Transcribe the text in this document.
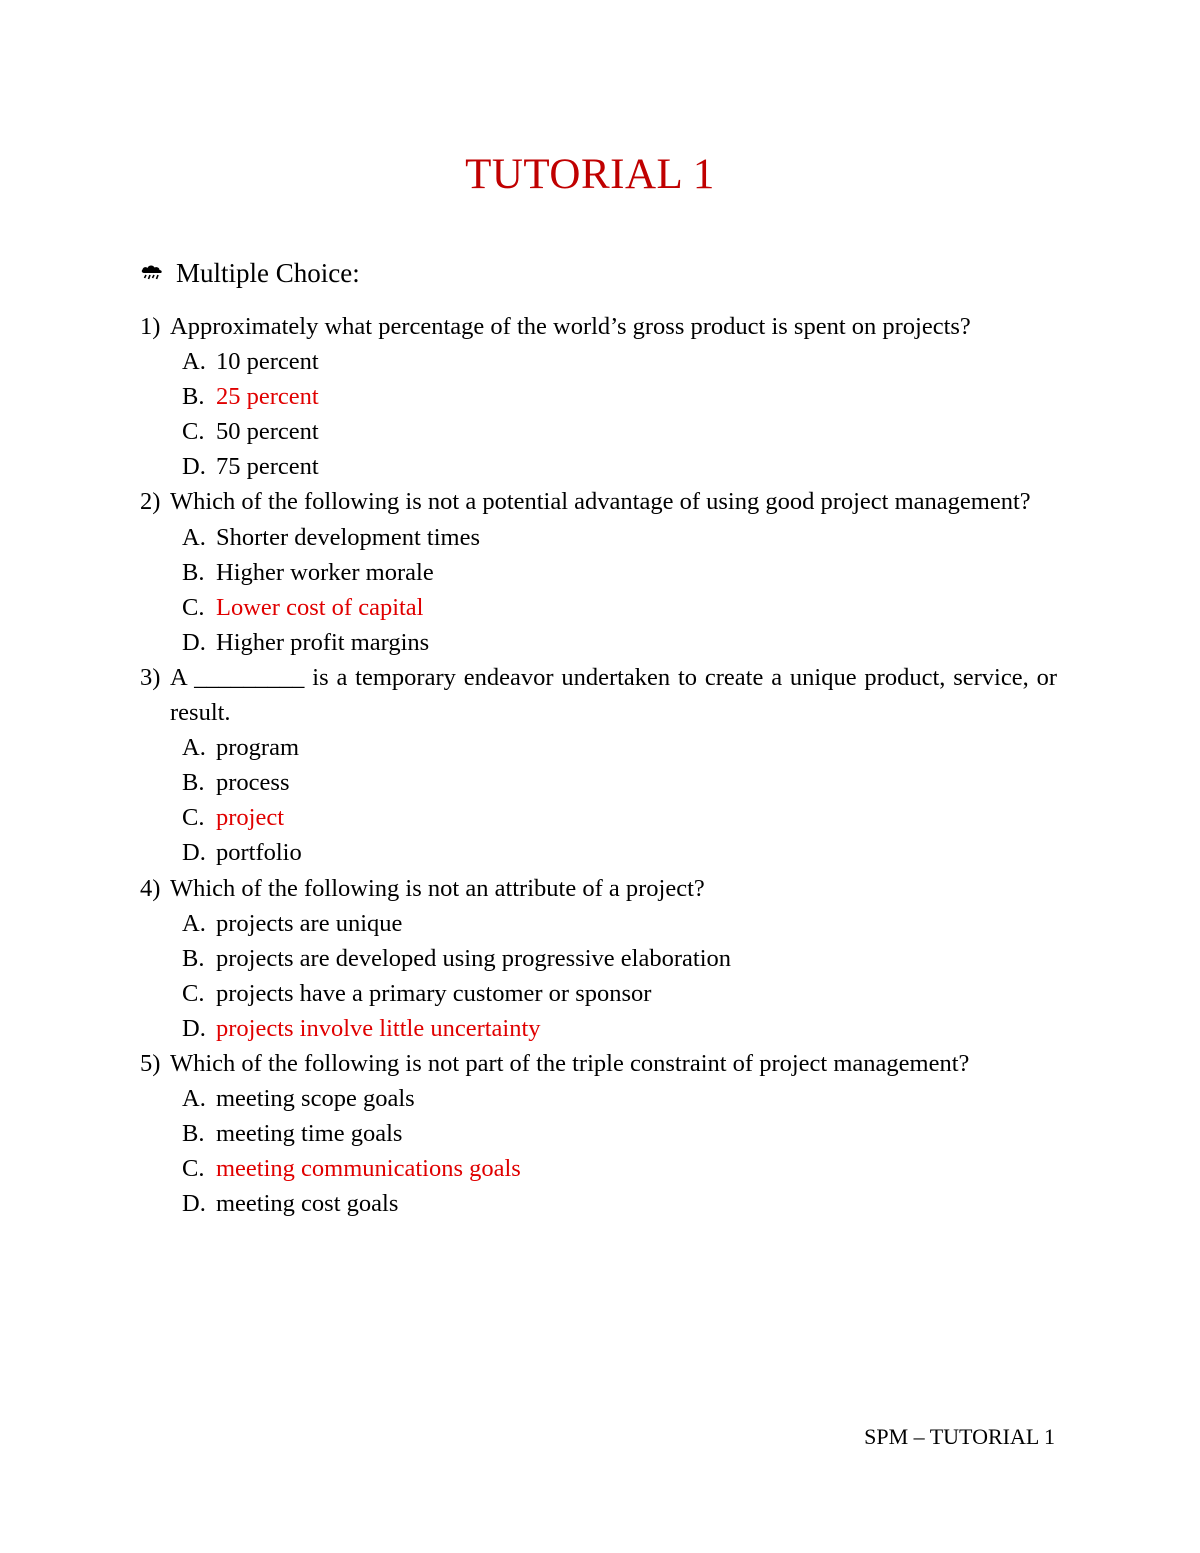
TUTORIAL 1
Multiple Choice:
1) Approximately what percentage of the world’s gross product is spent on projects?
A. 10 percent
B. 25 percent
C. 50 percent
D. 75 percent
2) Which of the following is not a potential advantage of using good project management?
A. Shorter development times
B. Higher worker morale
C. Lower cost of capital
D. Higher profit margins
3) A _________ is a temporary endeavor undertaken to create a unique product, service, or result.
A. program
B. process
C. project
D. portfolio
4) Which of the following is not an attribute of a project?
A. projects are unique
B. projects are developed using progressive elaboration
C. projects have a primary customer or sponsor
D. projects involve little uncertainty
5) Which of the following is not part of the triple constraint of project management?
A. meeting scope goals
B. meeting time goals
C. meeting communications goals
D. meeting cost goals
SPM – TUTORIAL 1
